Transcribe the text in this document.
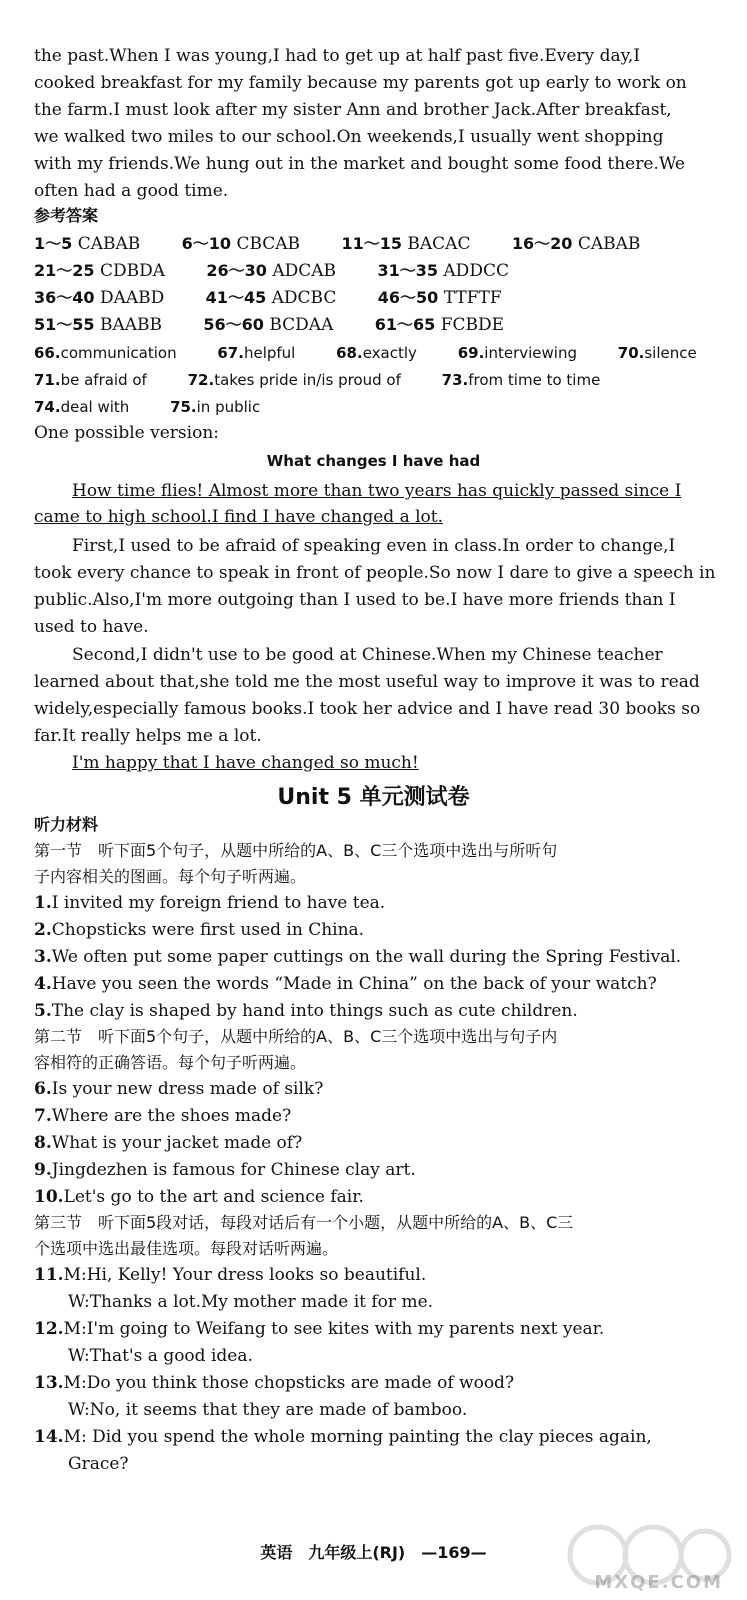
the past.When I was young,I had to get up at half past five.Every day,I
cooked breakfast for my family because my parents got up early to work on
the farm.I must look after my sister Ann and brother Jack.After breakfast,
we walked two miles to our school.On weekends,I usually went shopping
with my friends.We hung out in the market and bought some food there.We
often had a good time.
参考答案
1～5 CABAB	6～10 CBCAB	11～15 BACAC	16～20 CABAB
21～25 CDBDA	26～30 ADCAB	31～35 ADDCC
36～40 DAABD	41～45 ADCBC	46～50 TTFTF
51～55 BAABB	56～60 BCDAA	61～65 FCBDE
66.communication	67.helpful	68.exactly	69.interviewing	70.silence
71.be afraid of	72.takes pride in/is proud of	73.from time to time
74.deal with	75.in public
One possible version:
What changes I have had
How time flies! Almost more than two years has quickly passed since I
came to high school.I find I have changed a lot.
First,I used to be afraid of speaking even in class.In order to change,I
took every chance to speak in front of people.So now I dare to give a speech in
public.Also,I'm more outgoing than I used to be.I have more friends than I
used to have.
Second,I didn't use to be good at Chinese.When my Chinese teacher
learned about that,she told me the most useful way to improve it was to read
widely,especially famous books.I took her advice and I have read 30 books so
far.It really helps me a lot.
I'm happy that I have changed so much!
Unit 5 单元测试卷
听力材料
第一节　听下面5个句子，从题中所给的A、B、C三个选项中选出与所听句
子内容相关的图画。每个句子听两遍。
1.I invited my foreign friend to have tea.
2.Chopsticks were first used in China.
3.We often put some paper cuttings on the wall during the Spring Festival.
4.Have you seen the words “Made in China” on the back of your watch?
5.The clay is shaped by hand into things such as cute children.
第二节　听下面5个句子，从题中所给的A、B、C三个选项中选出与句子内
容相符的正确答语。每个句子听两遍。
6.Is your new dress made of silk?
7.Where are the shoes made?
8.What is your jacket made of?
9.Jingdezhen is famous for Chinese clay art.
10.Let's go to the art and science fair.
第三节　听下面5段对话，每段对话后有一个小题，从题中所给的A、B、C三
个选项中选出最佳选项。每段对话听两遍。
11.M:Hi, Kelly! Your dress looks so beautiful.
W:Thanks a lot.My mother made it for me.
12.M:I'm going to Weifang to see kites with my parents next year.
W:That's a good idea.
13.M:Do you think those chopsticks are made of wood?
W:No, it seems that they are made of bamboo.
14.M: Did you spend the whole morning painting the clay pieces again,
Grace?
英语　九年级上(RJ)　—169—
MXQE.COM
